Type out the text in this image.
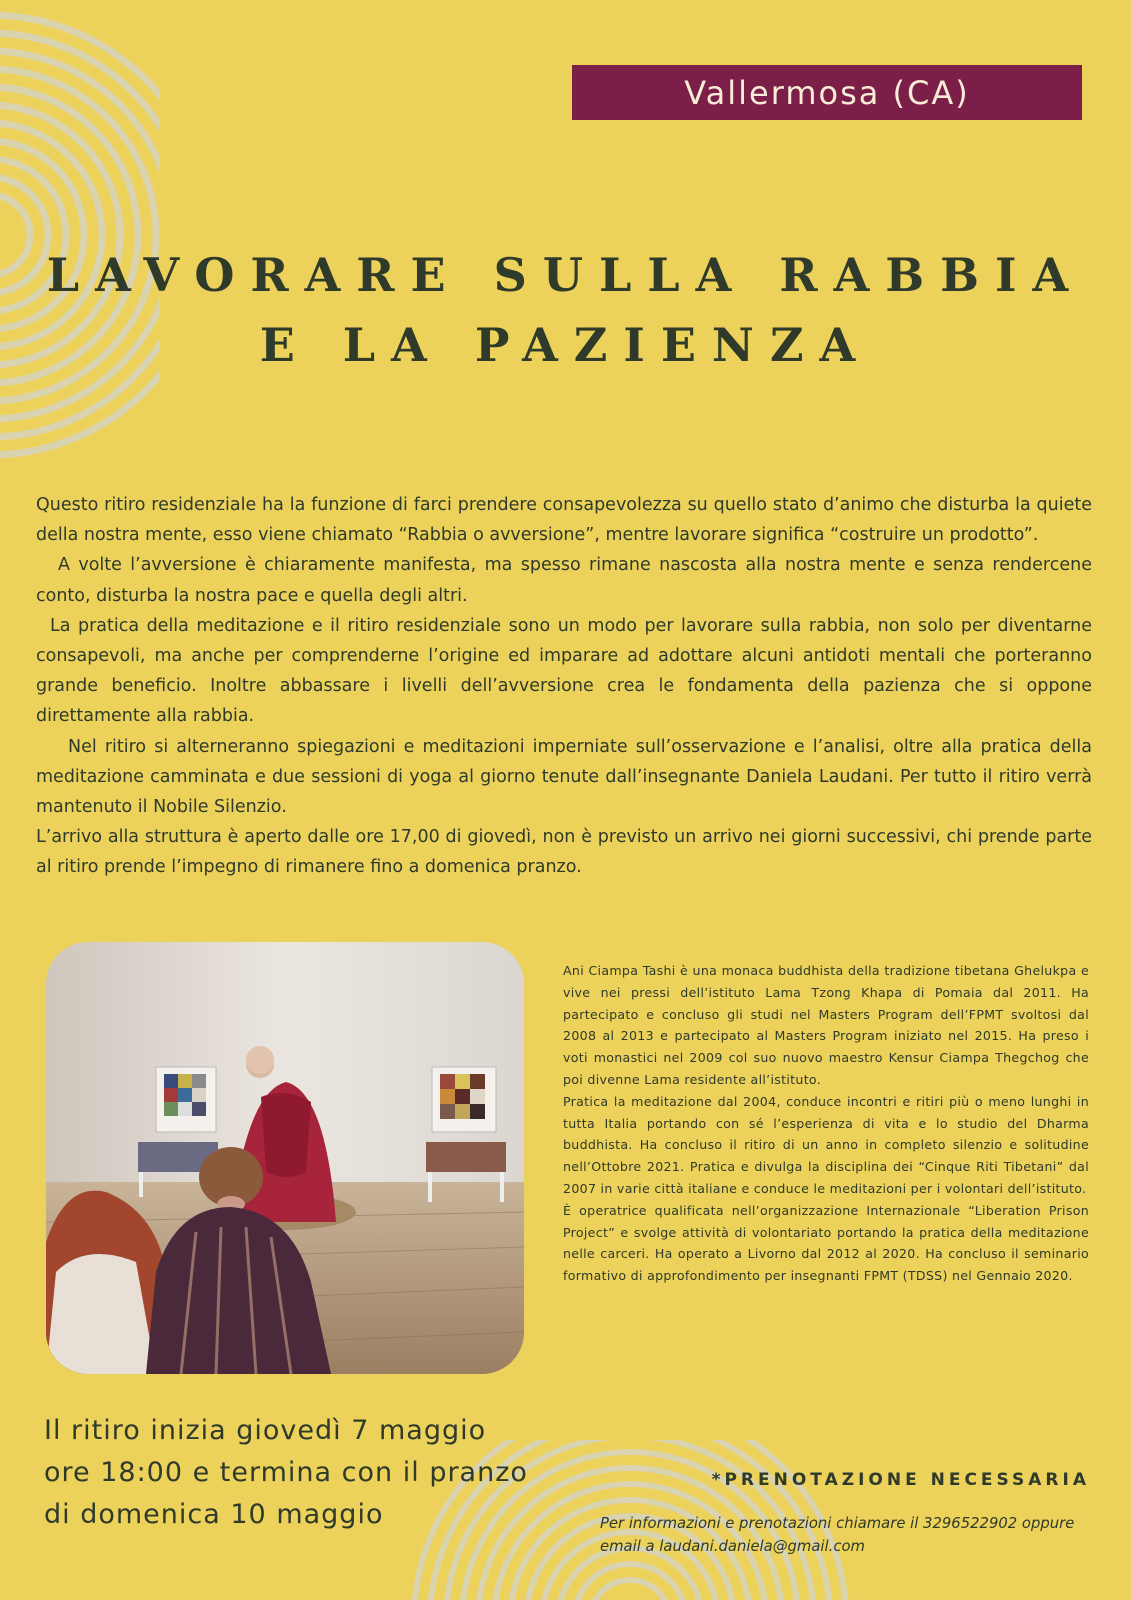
Vallermosa (CA)
LAVORARE SULLA RABBIA
E LA PAZIENZA

Questo ritiro residenziale ha la funzione di farci prendere consapevolezza su quello stato d’animo che disturba la quiete della nostra mente, esso viene chiamato “Rabbia o avversione”, mentre lavorare significa “costruire un prodotto”.

A volte l’avversione è chiaramente manifesta, ma spesso rimane nascosta alla nostra mente e senza rendercene conto, disturba la nostra pace e quella degli altri.

La pratica della meditazione e il ritiro residenziale sono un modo per lavorare sulla rabbia, non solo per diventarne consapevoli, ma anche per comprenderne l’origine ed imparare ad adottare alcuni antidoti mentali che porteranno grande beneficio. Inoltre abbassare i livelli dell’avversione crea le fondamenta della pazienza che si oppone direttamente alla rabbia.

Nel ritiro si alterneranno spiegazioni e meditazioni imperniate sull’osservazione e l’analisi, oltre alla pratica della meditazione camminata e due sessioni di yoga al giorno tenute dall’insegnante Daniela Laudani. Per tutto il ritiro verrà mantenuto il Nobile Silenzio.

L’arrivo alla struttura è aperto dalle ore 17,00 di giovedì, non è previsto un arrivo nei giorni successivi, chi prende parte al ritiro prende l’impegno di rimanere fino a domenica pranzo.

Ani Ciampa Tashi è una monaca buddhista della tradizione tibetana Ghelukpa e vive nei pressi dell’istituto Lama Tzong Khapa di Pomaia dal 2011. Ha partecipato e concluso gli studi nel Masters Program dell’FPMT svoltosi dal 2008 al 2013 e partecipato al Masters Program iniziato nel 2015. Ha preso i voti monastici nel 2009 col suo nuovo maestro Kensur Ciampa Thegchog che poi divenne Lama residente all’istituto.

Pratica la meditazione dal 2004, conduce incontri e ritiri più o meno lunghi in tutta Italia portando con sé l’esperienza di vita e lo studio del Dharma buddhista. Ha concluso il ritiro di un anno in completo silenzio e solitudine nell’Ottobre 2021. Pratica e divulga la disciplina dei “Cinque Riti Tibetani” dal 2007 in varie città italiane e conduce le meditazioni per i volontari dell’istituto.

È operatrice qualificata nell’organizzazione Internazionale “Liberation Prison Project” e svolge attività di volontariato portando la pratica della meditazione nelle carceri. Ha operato a Livorno dal 2012 al 2020. Ha concluso il seminario formativo di approfondimento per insegnanti FPMT (TDSS) nel Gennaio 2020.

Il ritiro inizia giovedì 7 maggio
ore 18:00 e termina con il pranzo
di domenica 10 maggio
*PRENOTAZIONE NECESSARIA
Per informazioni e prenotazioni chiamare il 3296522902 oppure
email a laudani.daniela@gmail.com
